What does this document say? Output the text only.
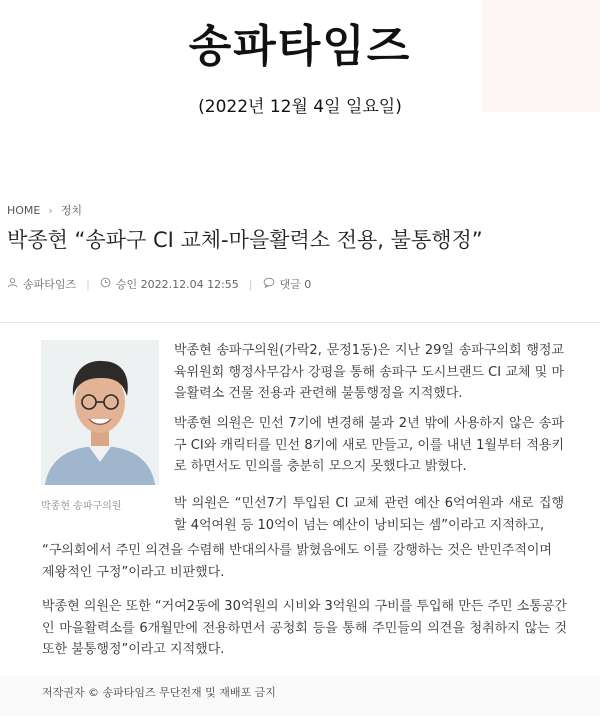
송파타임즈
(2022년 12월 4일 일요일)
HOME › 정치
박종현 “송파구 CI 교체-마을활력소 전용, 불통행정”
송파타임즈 | 승인 2022.12.04 12:55 | 댓글 0
박종현 송파구의원

박종현 송파구의원(가락2, 문정1동)은 지난 29일 송파구의회 행정교육위원회 행정사무감사 강평을 통해 송파구 도시브랜드 CI 교체 및 마을활력소 건물 전용과 관련해 불통행정을 지적했다.

박종현 의원은 민선 7기에 변경해 불과 2년 밖에 사용하지 않은 송파구 CI와 캐릭터를 민선 8기에 새로 만들고, 이를 내년 1월부터 적용키로 하면서도 민의를 충분히 모으지 못했다고 밝혔다.

박 의원은 “민선7기 투입된 CI 교체 관련 예산 6억여원과 새로 집행할 4억여원 등 10억이 넘는 예산이 낭비되는 셈”이라고 지적하고,

“구의회에서 주민 의견을 수렴해 반대의사를 밝혔음에도 이를 강행하는 것은 반민주적이며 제왕적인 구정”이라고 비판했다.

박종현 의원은 또한 “거여2동에 30억원의 시비와 3억원의 구비를 투입해 만든 주민 소통공간인 마을활력소를 6개월만에 전용하면서 공청회 등을 통해 주민들의 의견을 청취하지 않는 것 또한 불통행정”이라고 지적했다.

저작권자 © 송파타임즈 무단전재 및 재배포 금지
